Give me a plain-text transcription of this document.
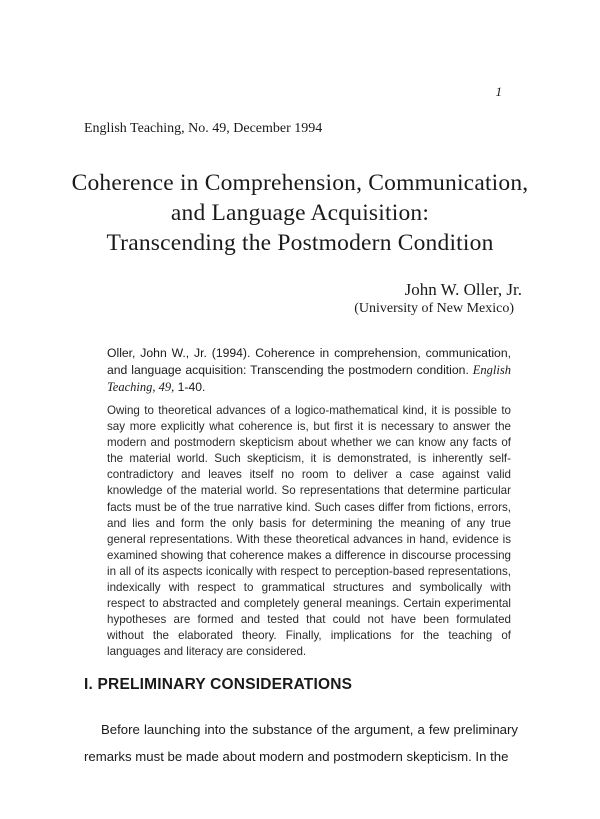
1
English Teaching, No. 49, December 1994
Coherence in Comprehension, Communication,
and Language Acquisition:
Transcending the Postmodern Condition
John W. Oller, Jr.
(University of New Mexico)
Oller, John W., Jr. (1994). Coherence in comprehension, communication, and language acquisition: Transcending the postmodern condition. English Teaching, 49, 1-40.
Owing to theoretical advances of a logico-mathematical kind, it is possible to say more explicitly what coherence is, but first it is necessary to answer the modern and postmodern skepticism about whether we can know any facts of the material world. Such skepticism, it is demonstrated, is inherently self-contradictory and leaves itself no room to deliver a case against valid knowledge of the material world. So representations that determine particular facts must be of the true narrative kind. Such cases differ from fictions, errors, and lies and form the only basis for determining the meaning of any true general representations. With these theoretical advances in hand, evidence is examined showing that coherence makes a difference in discourse processing in all of its aspects iconically with respect to perception-based representations, indexically with respect to grammatical structures and symbolically with respect to abstracted and completely general meanings. Certain experimental hypotheses are formed and tested that could not have been formulated without the elaborated theory. Finally, implications for the teaching of languages and literacy are considered.
I. PRELIMINARY CONSIDERATIONS
Before launching into the substance of the argument, a few preliminary remarks must be made about modern and postmodern skepticism. In the
